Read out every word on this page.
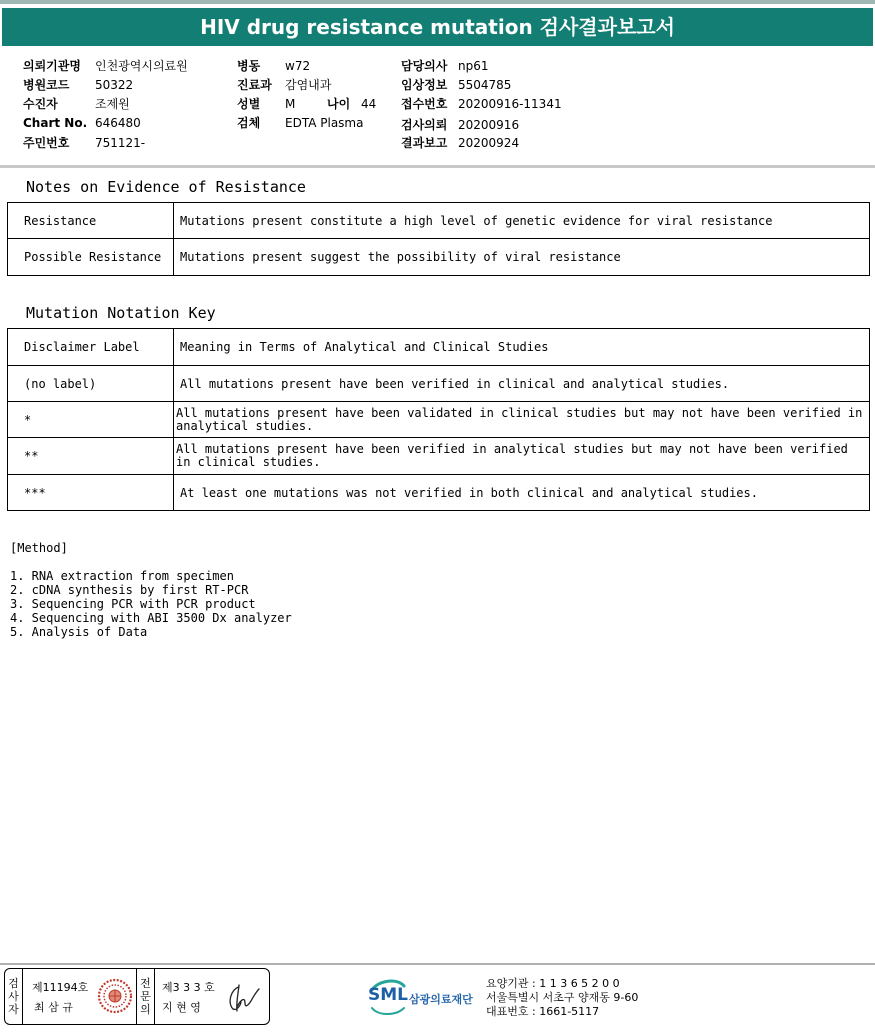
HIV drug resistance mutation 검사결과보고서
의뢰기관명 인천광역시의료원
병원코드 50322
수진자	조제원
Chart No. 646480
주민번호 751121-
병동 w72
진료과 감염내과
성별 M	나이 44
검체 EDTA Plasma
담당의사 np61
임상정보 5504785
접수번호 20200916-11341
검사의뢰 20200916
결과보고 20200924
Notes on Evidence of Resistance
Resistance	Mutations present constitute a high level of genetic evidence for viral resistance
Possible Resistance	Mutations present suggest the possibility of viral resistance
Mutation Notation Key
Disclaimer Label	Meaning in Terms of Analytical and Clinical Studies
(no label)	All mutations present have been verified in clinical and analytical studies.
*	All mutations present have been validated in clinical studies but may not have been verified in analytical studies.
**	All mutations present have been verified in analytical studies but may not have been verified in clinical studies.
***	At least one mutations was not verified in both clinical and analytical studies.
[Method]
1. RNA extraction from specimen
2. cDNA synthesis by first RT-PCR
3. Sequencing PCR with PCR product
4. Sequencing with ABI 3500 Dx analyzer
5. Analysis of Data
검
사
자
제11194호
최 삼 규
전
문
의
제3 3 3 호
지 현 영
SML 삼광의료재단
요양기관 : 1 1 3 6 5 2 0 0
서울특별시 서초구 양재동 9-60
대표번호 : 1661-5117
